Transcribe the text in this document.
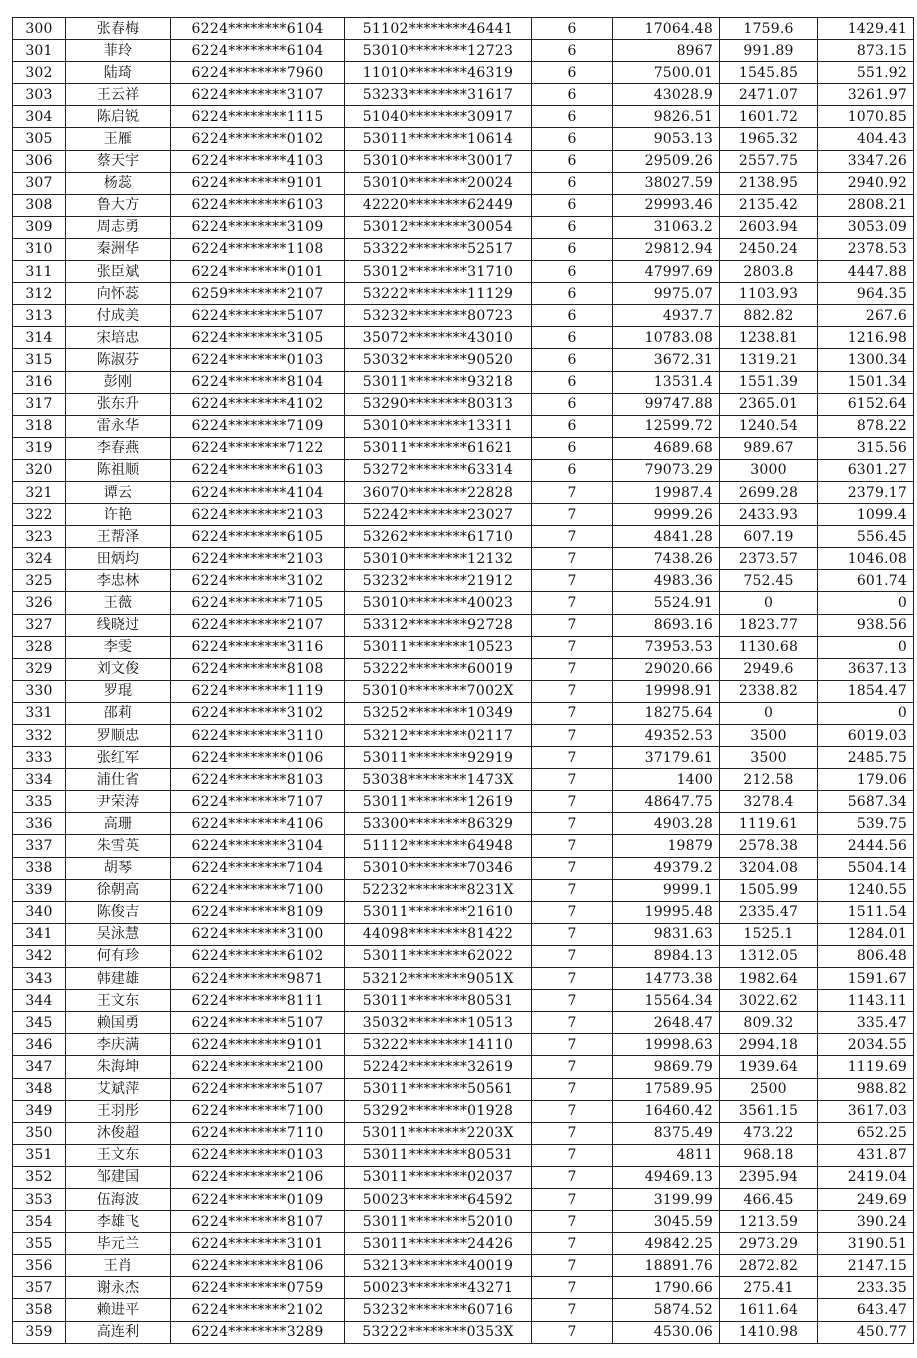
300	张春梅	6224********6104	51102********46441	6	17064.48	1759.6	1429.41
301	菲玲	6224********6104	53010********12723	6	8967	991.89	873.15
302	陆琦	6224********7960	11010********46319	6	7500.01	1545.85	551.92
303	王云祥	6224********3107	53233********31617	6	43028.9	2471.07	3261.97
304	陈启锐	6224********1115	51040********30917	6	9826.51	1601.72	1070.85
305	王雁	6224********0102	53011********10614	6	9053.13	1965.32	404.43
306	蔡天宇	6224********4103	53010********30017	6	29509.26	2557.75	3347.26
307	杨蕊	6224********9101	53010********20024	6	38027.59	2138.95	2940.92
308	鲁大方	6224********6103	42220********62449	6	29993.46	2135.42	2808.21
309	周志勇	6224********3109	53012********30054	6	31063.2	2603.94	3053.09
310	秦洲华	6224********1108	53322********52517	6	29812.94	2450.24	2378.53
311	张臣斌	6224********0101	53012********31710	6	47997.69	2803.8	4447.88
312	向怀蕊	6259********2107	53222********11129	6	9975.07	1103.93	964.35
313	付成美	6224********5107	53232********80723	6	4937.7	882.82	267.6
314	宋培忠	6224********3105	35072********43010	6	10783.08	1238.81	1216.98
315	陈淑芬	6224********0103	53032********90520	6	3672.31	1319.21	1300.34
316	彭刚	6224********8104	53011********93218	6	13531.4	1551.39	1501.34
317	张东升	6224********4102	53290********80313	6	99747.88	2365.01	6152.64
318	雷永华	6224********7109	53010********13311	6	12599.72	1240.54	878.22
319	李春燕	6224********7122	53011********61621	6	4689.68	989.67	315.56
320	陈祖顺	6224********6103	53272********63314	6	79073.29	3000	6301.27
321	谭云	6224********4104	36070********22828	7	19987.4	2699.28	2379.17
322	许艳	6224********2103	52242********23027	7	9999.26	2433.93	1099.4
323	王帮泽	6224********6105	53262********61710	7	4841.28	607.19	556.45
324	田炳均	6224********2103	53010********12132	7	7438.26	2373.57	1046.08
325	李忠林	6224********3102	53232********21912	7	4983.36	752.45	601.74
326	王薇	6224********7105	53010********40023	7	5524.91	0	0
327	线晓过	6224********2107	53312********92728	7	8693.16	1823.77	938.56
328	李雯	6224********3116	53011********10523	7	73953.53	1130.68	0
329	刘文俊	6224********8108	53222********60019	7	29020.66	2949.6	3637.13
330	罗琨	6224********1119	53010********7002X	7	19998.91	2338.82	1854.47
331	邵莉	6224********3102	53252********10349	7	18275.64	0	0
332	罗顺忠	6224********3110	53212********02117	7	49352.53	3500	6019.03
333	张红军	6224********0106	53011********92919	7	37179.61	3500	2485.75
334	浦仕省	6224********8103	53038********1473X	7	1400	212.58	179.06
335	尹荣涛	6224********7107	53011********12619	7	48647.75	3278.4	5687.34
336	高珊	6224********4106	53300********86329	7	4903.28	1119.61	539.75
337	朱雪英	6224********3104	51112********64948	7	19879	2578.38	2444.56
338	胡琴	6224********7104	53010********70346	7	49379.2	3204.08	5504.14
339	徐朝高	6224********7100	52232********8231X	7	9999.1	1505.99	1240.55
340	陈俊吉	6224********8109	53011********21610	7	19995.48	2335.47	1511.54
341	吴泳慧	6224********3100	44098********81422	7	9831.63	1525.1	1284.01
342	何有珍	6224********6102	53011********62022	7	8984.13	1312.05	806.48
343	韩建雄	6224********9871	53212********9051X	7	14773.38	1982.64	1591.67
344	王文东	6224********8111	53011********80531	7	15564.34	3022.62	1143.11
345	赖国勇	6224********5107	35032********10513	7	2648.47	809.32	335.47
346	李庆满	6224********9101	53222********14110	7	19998.63	2994.18	2034.55
347	朱海坤	6224********2100	52242********32619	7	9869.79	1939.64	1119.69
348	艾斌萍	6224********5107	53011********50561	7	17589.95	2500	988.82
349	王羽彤	6224********7100	53292********01928	7	16460.42	3561.15	3617.03
350	沐俊超	6224********7110	53011********2203X	7	8375.49	473.22	652.25
351	王文东	6224********0103	53011********80531	7	4811	968.18	431.87
352	邹建国	6224********2106	53011********02037	7	49469.13	2395.94	2419.04
353	伍海波	6224********0109	50023********64592	7	3199.99	466.45	249.69
354	李雄飞	6224********8107	53011********52010	7	3045.59	1213.59	390.24
355	毕元兰	6224********3101	53011********24426	7	49842.25	2973.29	3190.51
356	王肖	6224********8106	53213********40019	7	18891.76	2872.82	2147.15
357	谢永杰	6224********0759	50023********43271	7	1790.66	275.41	233.35
358	赖进平	6224********2102	53232********60716	7	5874.52	1611.64	643.47
359	高连利	6224********3289	53222********0353X	7	4530.06	1410.98	450.77
